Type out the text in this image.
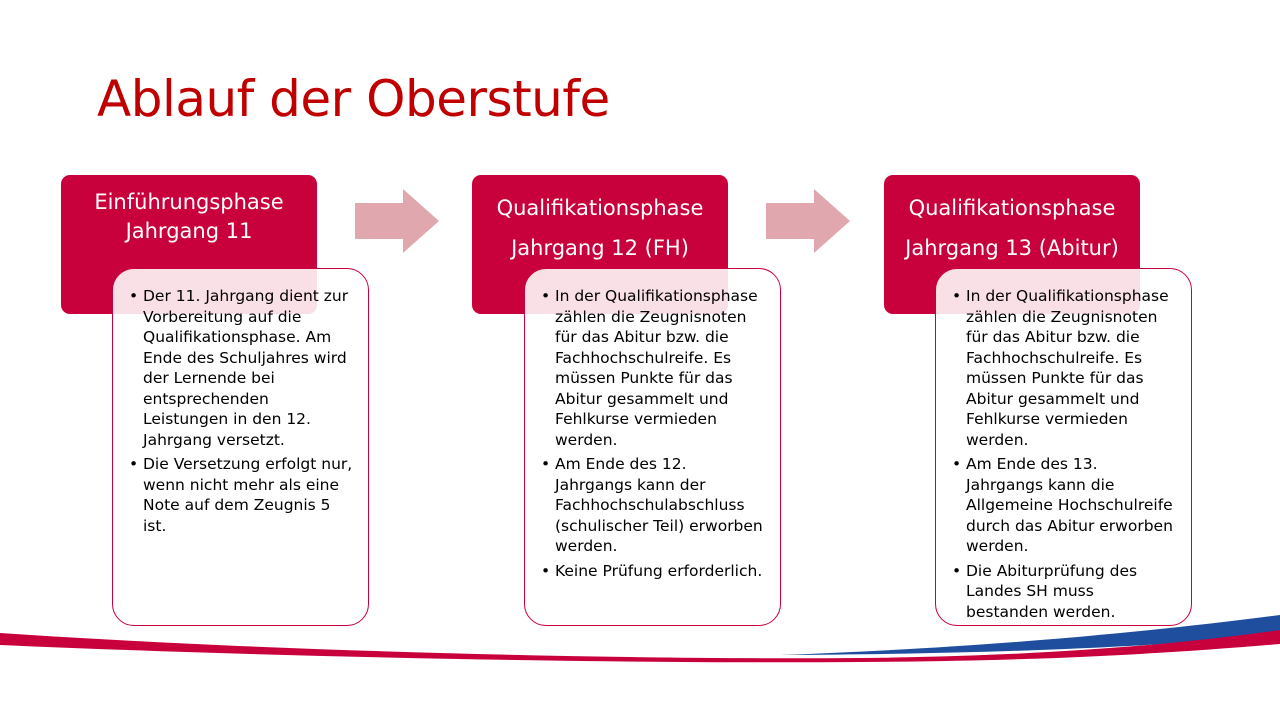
Ablauf der Oberstufe
Einführungsphase
Jahrgang 11
Qualifikationsphase
Jahrgang 12 (FH)
Qualifikationsphase
Jahrgang 13 (Abitur)
• Der 11. Jahrgang dient zur Vorbereitung auf die Qualifikationsphase. Am Ende des Schuljahres wird der Lernende bei entsprechenden Leistungen in den 12. Jahrgang versetzt.
• Die Versetzung erfolgt nur, wenn nicht mehr als eine Note auf dem Zeugnis 5 ist.
• In der Qualifikationsphase zählen die Zeugnisnoten für das Abitur bzw. die Fachhochschulreife. Es müssen Punkte für das Abitur gesammelt und Fehlkurse vermieden werden.
• Am Ende des 12. Jahrgangs kann der Fachhochschulabschluss (schulischer Teil) erworben werden.
• Keine Prüfung erforderlich.
• In der Qualifikationsphase zählen die Zeugnisnoten für das Abitur bzw. die Fachhochschulreife. Es müssen Punkte für das Abitur gesammelt und Fehlkurse vermieden werden.
• Am Ende des 13. Jahrgangs kann die Allgemeine Hochschulreife durch das Abitur erworben werden.
• Die Abiturprüfung des Landes SH muss bestanden werden.
